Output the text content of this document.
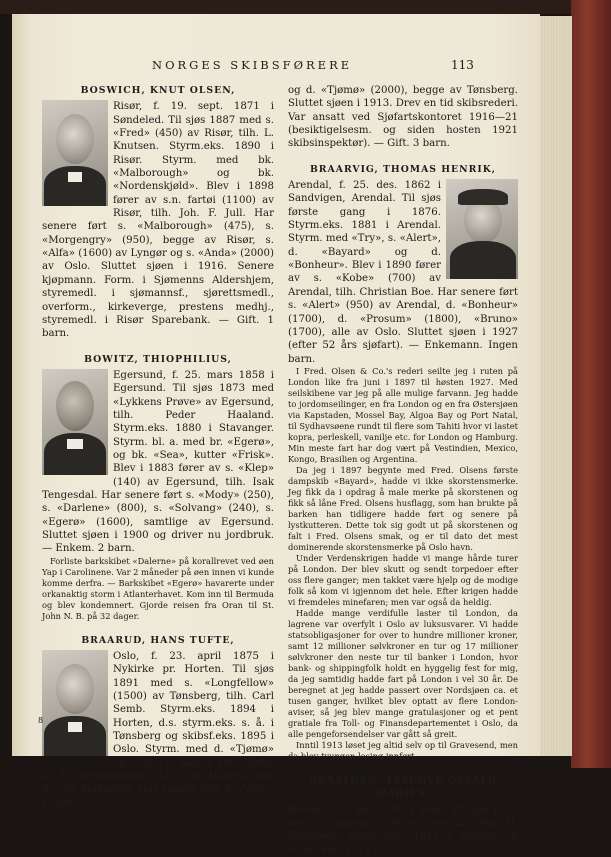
NORGES SKIBSFØRERE	113
BOSWICH, KNUT OLSEN,

Risør, f. 19. sept. 1871 i Søndeled. Til sjøs 1887 med s. «Fred» (450) av Risør, tilh. L. Knutsen. Styrm.eks. 1890 i Risør. Styrm. med bk. «Malborough» og bk. «Nordenskjøld». Blev i 1898 fører av s.n. fartøi (1100) av Risør, tilh. Joh. F. Jull. Har senere ført s. «Malborough» (475), s. «Morgengry» (950), begge av Risør, s. «Alfa» (1600) av Lyngør og s. «Anda» (2000) av Oslo. Sluttet sjøen i 1916. Senere kjøpmann. Form. i Sjømenns Aldershjem, styremedl. i sjømannsf., sjørettsmedl., overform., kirkeverge, prestens medhj., styremedl. i Risør Sparebank. — Gift. 1 barn.

BOWITZ, THIOPHILIUS,

Egersund, f. 25. mars 1858 i Egersund. Til sjøs 1873 med «Lykkens Prøve» av Egersund, tilh. Peder Haaland. Styrm.eks. 1880 i Stavanger. Styrm. bl. a. med br. «Egerø», og bk. «Sea», kutter «Frisk». Blev i 1883 fører av s. «Klep» (140) av Egersund, tilh. Isak Tengesdal. Har senere ført s. «Mody» (250), s. «Darlene» (800), s. «Solvang» (240), s. «Egerø» (1600), samtlige av Egersund. Sluttet sjøen i 1900 og driver nu jordbruk. — Enkem. 2 barn.

Forliste barkskibet «Dalerne» på korallrevet ved øen Yap i Carolinene. Var 2 måneder på øen innen vi kunde komme derfra. — Barkskibet «Egerø» havarerte under orkanaktig storm i Atlanterhavet. Kom inn til Bermuda og blev kondemnert. Gjorde reisen fra Oran til St. John N. B. på 32 dager.

BRAARUD, HANS TUFTE,

Oslo, f. 23. april 1875 i Nykirke pr. Horten. Til sjøs 1891 med s. «Longfellow» (1500) av Tønsberg, tilh. Carl Semb. Styrm.eks. 1894 i Horten, d.s. styrm.eks. s. å. i Tønsberg og skibsf.eks. 1895 i Oslo. Styrm. med d. «Tjømø» og «Uller». Blev i 1902 fører av d. «Vestmanrød» (1250) av Horten, tilh. A. Chr. Hannevik. Har senere ført d. «Varg» (2000)

og d. «Tjømø» (2000), begge av Tønsberg. Sluttet sjøen i 1913. Drev en tid skibsrederi. Var ansatt ved Sjøfartskontoret 1916—21 (besiktigelsesm. og siden hosten 1921 skibsinspektør). — Gift. 3 barn.

BRAARVIG, THOMAS HENRIK,

Arendal, f. 25. des. 1862 i Sandvigen, Arendal. Til sjøs første gang i 1876. Styrm.eks. 1881 i Arendal. Styrm. med «Try», s. «Alert», d. «Bayard» og d. «Bonheur». Blev i 1890 fører av s. «Kobe» (700) av Arendal, tilh. Christian Boe. Har senere ført s. «Alert» (950) av Arendal, d. «Bonheur» (1700), d. «Prosum» (1800), «Bruno» (1700), alle av Oslo. Sluttet sjøen i 1927 (efter 52 års sjøfart). — Enkemann. Ingen barn.

I Fred. Olsen & Co.'s rederi seilte jeg i ruten på London like fra juni i 1897 til høsten 1927. Med seilskibene var jeg på alle mulige farvann. Jeg hadde to jordomseilinger, en fra London og en fra Østersjøen via Kapstaden, Mossel Bay, Algoa Bay og Port Natal, til Sydhavsøene rundt til flere som Tahiti hvor vi lastet kopra, perleskell, vanilje etc. for London og Hamburg. Min meste fart har dog vært på Vestindien, Mexico, Kongo, Brasilien og Argentina.

Da jeg i 1897 begynte med Fred. Olsens første dampskib «Bayard», hadde vi ikke skorstensmerke. Jeg fikk da i opdrag å male merke på skorstenen og fikk så låne Fred. Olsens husflagg, som han brukte på barken han tidligere hadde ført og senere på lystkutteren. Dette tok sig godt ut på skorstenen og falt i Fred. Olsens smak, og er til dato det mest dominerende skorstensmerke på Oslo havn.

Under Verdenskrigen hadde vi mange hårde turer på London. Der blev skutt og sendt torpedoer efter oss flere ganger; men takket være hjelp og de modige folk så kom vi igjennom det hele. Efter krigen hadde vi fremdeles minefaren; men var også da heldig.

Hadde mange verdifulle laster til London, da lagrene var overfylt i Oslo av luksusvarer. Vi hadde statsobligasjoner for over to hundre millioner kroner, samt 12 millioner sølvkroner en tur og 17 millioner sølvkroner den neste tur til banker i London, hvor bank- og shippingfolk holdt en hyggelig fest for mig, da jeg samtidig hadde fart på London i vel 30 år. De beregnet at jeg hadde passert over Nordsjøen ca. et tusen ganger, hvilket blev optatt av flere London-aviser, så jeg blev mange gratulasjoner og et pent gratiale fra Toll- og Finansdepartementet i Oslo, da alle pengeforsendelser var gått så greit.

Inntil 1913 løset jeg altid selv op til Gravesend, men da blev tvungen losing innført.

BRAATHEN, TRYGGVE OSVALD MARIUS,

Horten, f. 5. nov. 1890 i Soon. Til sjøs 1905 med s. «Anscar» (900) av Oslo, tilh. Aug. H. Pettersen. Styrm.eks. 1913 i Horten og skibsf.eks. 1917 i

8
